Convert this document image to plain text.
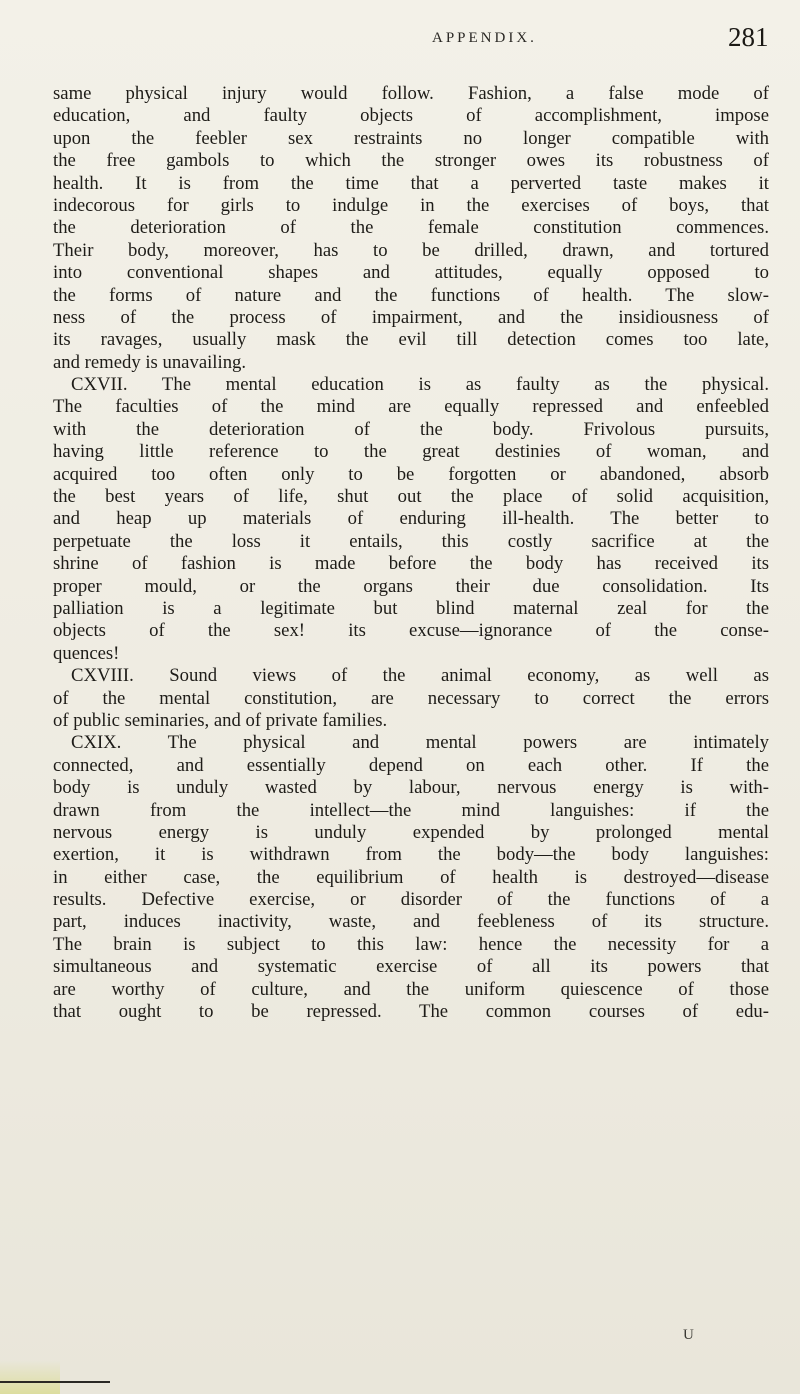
APPENDIX.	281
same physical injury would follow. Fashion, a false mode of
education, and faulty objects of accomplishment, impose
upon the feebler sex restraints no longer compatible with
the free gambols to which the stronger owes its robustness of
health. It is from the time that a perverted taste makes it
indecorous for girls to indulge in the exercises of boys, that
the deterioration of the female constitution commences.
Their body, moreover, has to be drilled, drawn, and tortured
into conventional shapes and attitudes, equally opposed to
the forms of nature and the functions of health. The slow-
ness of the process of impairment, and the insidiousness of
its ravages, usually mask the evil till detection comes too late,
and remedy is unavailing.
CXVII. The mental education is as faulty as the physical.
The faculties of the mind are equally repressed and enfeebled
with the deterioration of the body. Frivolous pursuits,
having little reference to the great destinies of woman, and
acquired too often only to be forgotten or abandoned, absorb
the best years of life, shut out the place of solid acquisition,
and heap up materials of enduring ill-health. The better to
perpetuate the loss it entails, this costly sacrifice at the
shrine of fashion is made before the body has received its
proper mould, or the organs their due consolidation. Its
palliation is a legitimate but blind maternal zeal for the
objects of the sex! its excuse—ignorance of the conse-
quences!
CXVIII. Sound views of the animal economy, as well as
of the mental constitution, are necessary to correct the errors
of public seminaries, and of private families.
CXIX. The physical and mental powers are intimately
connected, and essentially depend on each other. If the
body is unduly wasted by labour, nervous energy is with-
drawn from the intellect—the mind languishes: if the
nervous energy is unduly expended by prolonged mental
exertion, it is withdrawn from the body—the body languishes:
in either case, the equilibrium of health is destroyed—disease
results. Defective exercise, or disorder of the functions of a
part, induces inactivity, waste, and feebleness of its structure.
The brain is subject to this law: hence the necessity for a
simultaneous and systematic exercise of all its powers that
are worthy of culture, and the uniform quiescence of those
that ought to be repressed. The common courses of edu-
U
